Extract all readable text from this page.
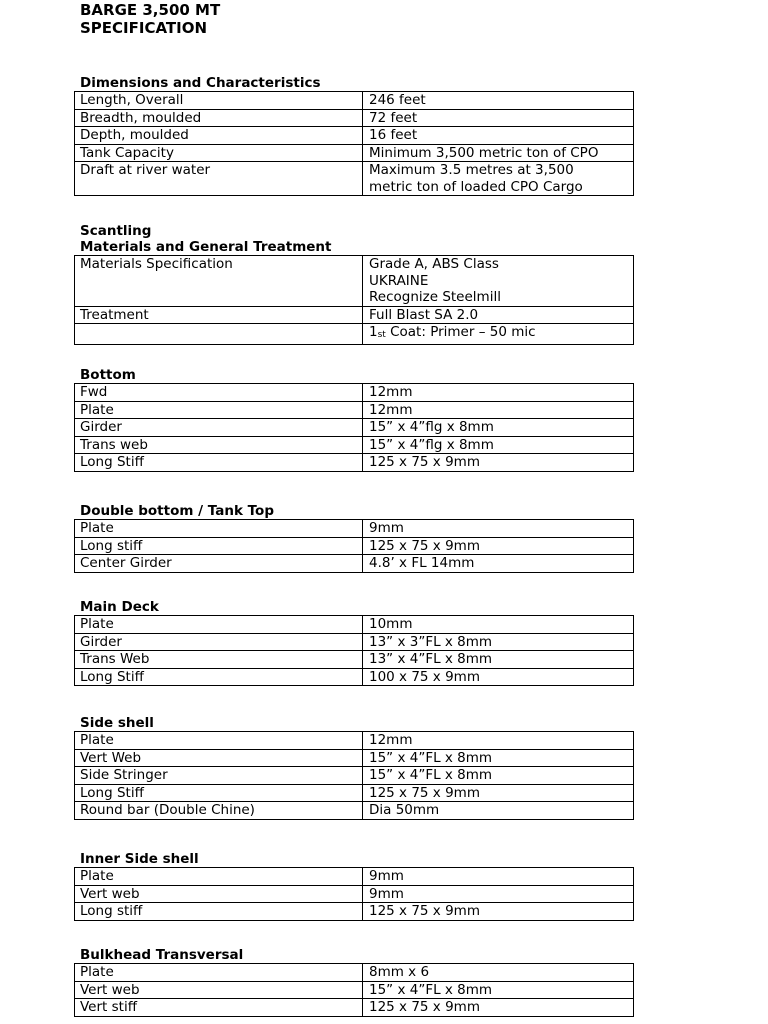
BARGE 3,500 MT
SPECIFICATION
Dimensions and Characteristics
Length, Overall	246 feet
Breadth, moulded	72 feet
Depth, moulded	16 feet
Tank Capacity	Minimum 3,500 metric ton of CPO
Draft at river water	Maximum 3.5 metres at 3,500
metric ton of loaded CPO Cargo
Scantling
Materials and General Treatment
Materials Specification	Grade A, ABS Class
UKRAINE
Recognize Steelmill

Treatment	Full Blast SA 2.0
	$1_{st}$ Coat: Primer – 50 mic
Bottom
Fwd	12mm
Plate	12mm
Girder	15” x 4”flg x 8mm
Trans web	15” x 4”flg x 8mm
Long Stiff	125 x 75 x 9mm
Double bottom / Tank Top
Plate	9mm
Long stiff	125 x 75 x 9mm
Center Girder	4.8’ x FL 14mm
Main Deck
Plate	10mm
Girder	13” x 3”FL x 8mm
Trans Web	13” x 4”FL x 8mm
Long Stiff	100 x 75 x 9mm
Side shell
Plate	12mm
Vert Web	15” x 4”FL x 8mm
Side Stringer	15” x 4”FL x 8mm
Long Stiff	125 x 75 x 9mm
Round bar (Double Chine)	Dia 50mm
Inner Side shell
Plate	9mm
Vert web	9mm
Long stiff	125 x 75 x 9mm
Bulkhead Transversal
Plate	8mm x 6
Vert web	15” x 4”FL x 8mm
Vert stiff	125 x 75 x 9mm
